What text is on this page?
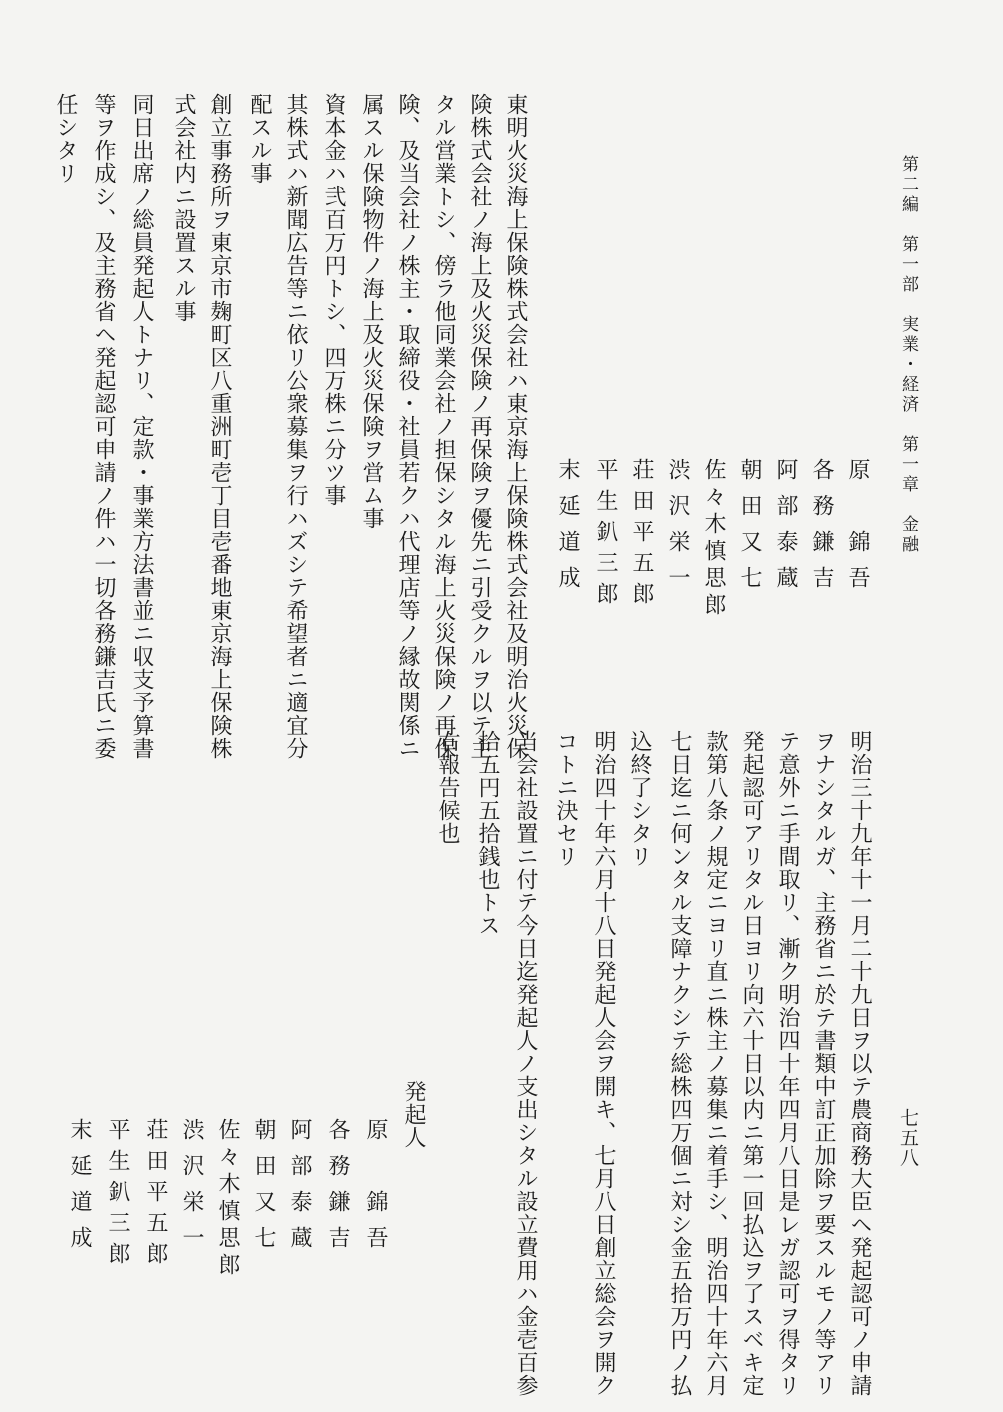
第二編　第一部　実業・経済　第一章　金融
七五八
原　錦吾
各務鎌吉
阿部泰蔵
朝田又七
佐々木慎思郎
渋沢栄一
荘田平五郎
平生釟三郎
末延道成
東明火災海上保険株式会社ハ東京海上保険株式会社及明治火災保
険株式会社ノ海上及火災保険ノ再保険ヲ優先ニ引受クルヲ以テ主
タル営業トシ、傍ラ他同業会社ノ担保シタル海上火災保険ノ再保
険、及当会社ノ株主・取締役・社員若クハ代理店等ノ縁故関係ニ
属スル保険物件ノ海上及火災保険ヲ営ム事
資本金ハ弐百万円トシ、四万株ニ分ツ事
其株式ハ新聞広告等ニ依リ公衆募集ヲ行ハズシテ希望者ニ適宜分
配スル事
創立事務所ヲ東京市麹町区八重洲町壱丁目壱番地東京海上保険株
式会社内ニ設置スル事
同日出席ノ総員発起人トナリ、定款・事業方法書並ニ収支予算書
等ヲ作成シ、及主務省ヘ発起認可申請ノ件ハ一切各務鎌吉氏ニ委
任シタリ
明治三十九年十一月二十九日ヲ以テ農商務大臣ヘ発起認可ノ申請
ヲナシタルガ、主務省ニ於テ書類中訂正加除ヲ要スルモノ等アリ
テ意外ニ手間取リ、漸ク明治四十年四月八日是レガ認可ヲ得タリ
発起認可アリタル日ヨリ向六十日以内ニ第一回払込ヲ了スベキ定
款第八条ノ規定ニヨリ直ニ株主ノ募集ニ着手シ、明治四十年六月
七日迄ニ何ンタル支障ナクシテ総株四万個ニ対シ金五拾万円ノ払
込終了シタリ
明治四十年六月十八日発起人会ヲ開キ、七月八日創立総会ヲ開ク
コトニ決セリ
当会社設置ニ付テ今日迄発起人ノ支出シタル設立費用ハ金壱百参
拾五円五拾銭也トス
右報告候也
発起人
原　錦吾
各務鎌吉
阿部泰蔵
朝田又七
佐々木慎思郎
渋沢栄一
荘田平五郎
平生釟三郎
末延道成
